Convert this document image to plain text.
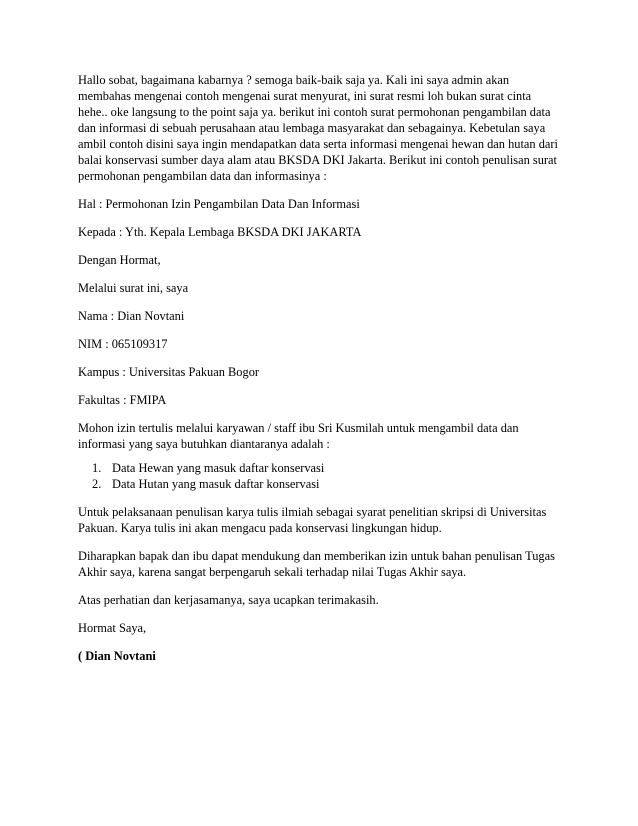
Hallo sobat, bagaimana kabarnya ? semoga baik-baik saja ya. Kali ini saya admin akan
membahas mengenai contoh mengenai surat menyurat, ini surat resmi loh bukan surat cinta
hehe.. oke langsung to the point saja ya. berikut ini contoh surat permohonan pengambilan data
dan informasi di sebuah perusahaan atau lembaga masyarakat dan sebagainya. Kebetulan saya
ambil contoh disini saya ingin mendapatkan data serta informasi mengenai hewan dan hutan dari
balai konservasi sumber daya alam atau BKSDA DKI Jakarta. Berikut ini contoh penulisan surat
permohonan pengambilan data dan informasinya :

Hal : Permohonan Izin Pengambilan Data Dan Informasi

Kepada : Yth. Kepala Lembaga BKSDA DKI JAKARTA

Dengan Hormat,

Melalui surat ini, saya

Nama : Dian Novtani

NIM : 065109317

Kampus : Universitas Pakuan Bogor

Fakultas : FMIPA

Mohon izin tertulis melalui karyawan / staff ibu Sri Kusmilah untuk mengambil data dan
informasi yang saya butuhkan diantaranya adalah :

1. Data Hewan yang masuk daftar konservasi
2. Data Hutan yang masuk daftar konservasi

Untuk pelaksanaan penulisan karya tulis ilmiah sebagai syarat penelitian skripsi di Universitas
Pakuan. Karya tulis ini akan mengacu pada konservasi lingkungan hidup.

Diharapkan bapak dan ibu dapat mendukung dan memberikan izin untuk bahan penulisan Tugas
Akhir saya, karena sangat berpengaruh sekali terhadap nilai Tugas Akhir saya.

Atas perhatian dan kerjasamanya, saya ucapkan terimakasih.

Hormat Saya,

( Dian Novtani
